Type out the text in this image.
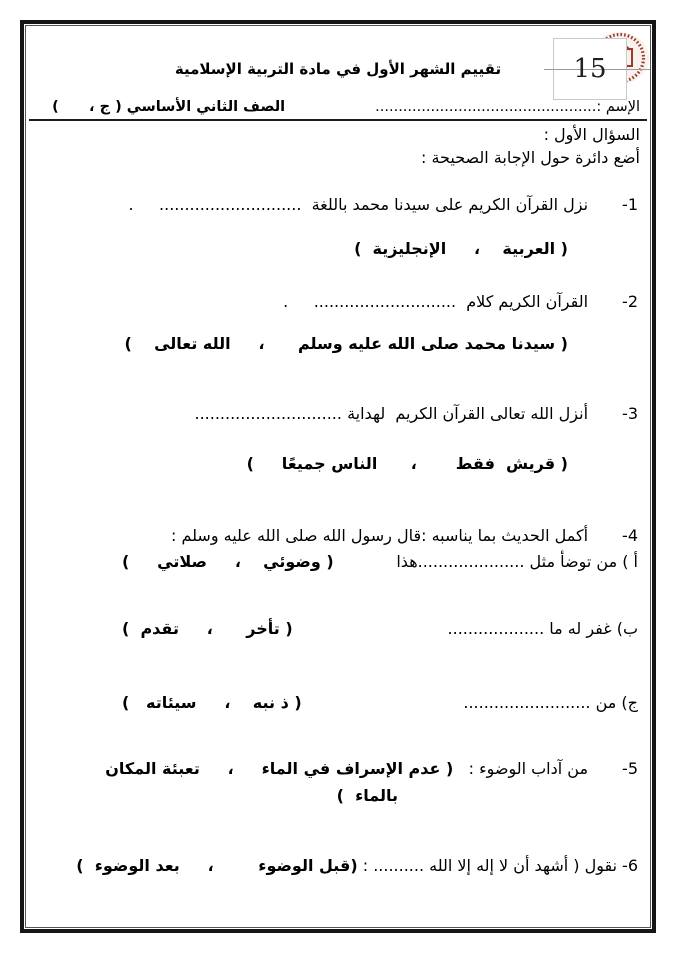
تقييم الشهر الأول في مادة التربية الإسلامية	15
الإسم :................................................
الصف الثاني الأساسي ( ج ،      )
السؤال الأول :
أضع دائرة حول الإجابة الصحيحة :
1-نزل القرآن الكريم على سيدنا محمد باللغة  ............................     .
( العربية    ،     الإنجليزية  )
2-القرآن الكريم كلام  ............................     .
( سيدنا محمد صلى الله عليه وسلم      ،     الله تعالى    )
3-أنزل الله تعالى القرآن الكريم  لهداية .............................
( قريش  فقط       ،      الناس جميعًا     )
4-أكمل الحديث بما يناسبه :قال رسول الله صلى الله عليه وسلم :
أ ) من توضأ مثل .....................هذا
( وضوئي    ،     صلاتي     )
ب) غفر له ما ...................
( تأخر      ،     تقدم  )
ج) من .........................
( ذ نبه    ،     سيئاته   )
5-من آداب الوضوء :   ( عدم الإسراف في الماء     ،     تعبئة المكان
بالماء  )
6-نقول ( أشهد أن لا إله إلا الله .......... : (قبل الوضوء        ،     بعد الوضوء  )
